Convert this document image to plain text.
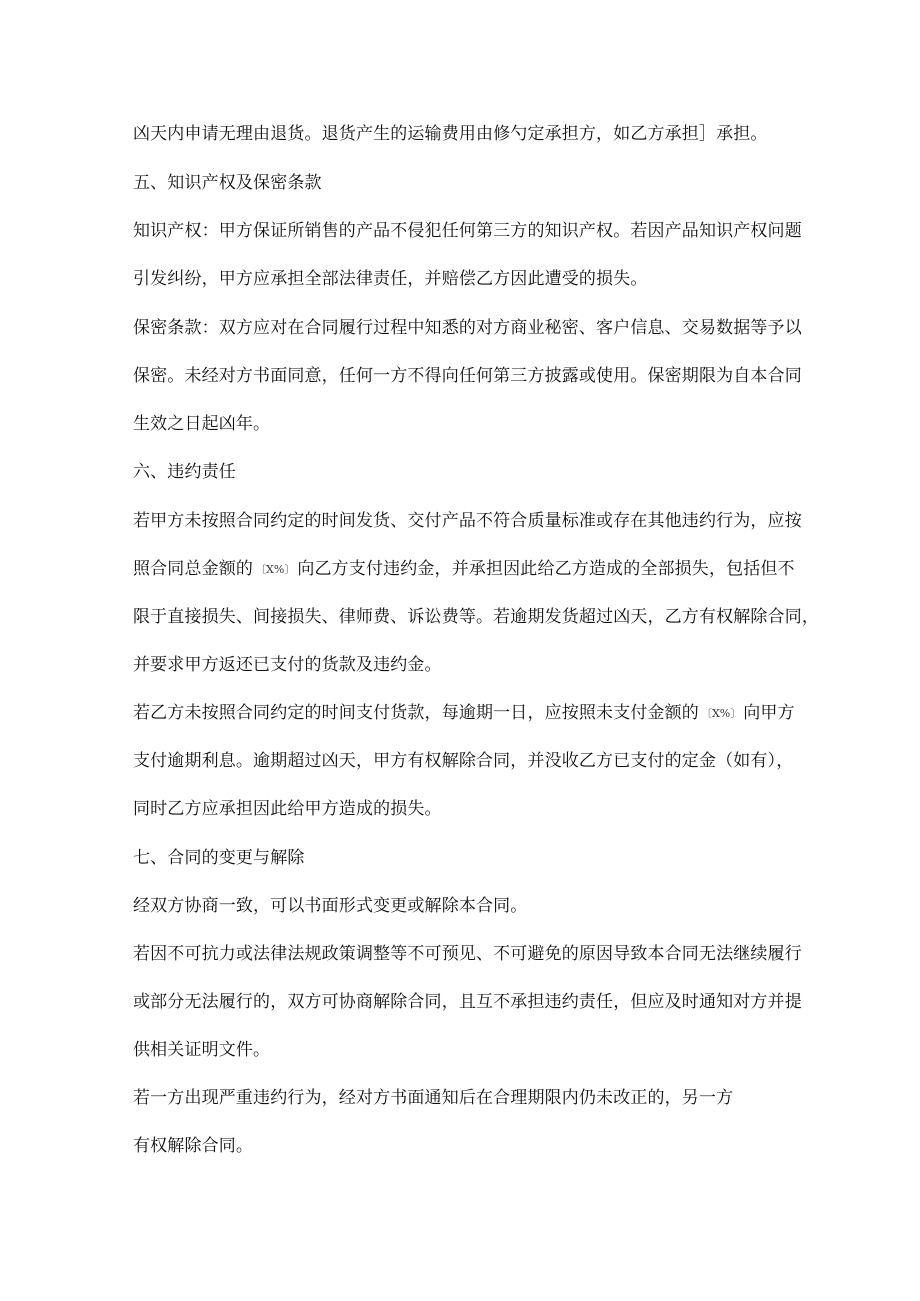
凶天内申请无理由退货。退货产生的运输费用由修勺定承担方，如乙方承担］承担。
五、知识产权及保密条款
知识产权：甲方保证所销售的产品不侵犯任何第三方的知识产权。若因产品知识产权问题
引发纠纷，甲方应承担全部法律责任，并赔偿乙方因此遭受的损失。
保密条款：双方应对在合同履行过程中知悉的对方商业秘密、客户信息、交易数据等予以
保密。未经对方书面同意，任何一方不得向任何第三方披露或使用。保密期限为自本合同
生效之日起凶年。
六、违约责任
若甲方未按照合同约定的时间发货、交付产品不符合质量标准或存在其他违约行为，应按
照合同总金额的 〔X%〕 向乙方支付违约金，并承担因此给乙方造成的全部损失，包括但不
限于直接损失、间接损失、律师费、诉讼费等。若逾期发货超过凶天，乙方有权解除合同，
并要求甲方返还已支付的货款及违约金。
若乙方未按照合同约定的时间支付货款，每逾期一日，应按照未支付金额的 〔X%〕 向甲方
支付逾期利息。逾期超过凶天，甲方有权解除合同，并没收乙方已支付的定金（如有），
同时乙方应承担因此给甲方造成的损失。
七、合同的变更与解除
经双方协商一致，可以书面形式变更或解除本合同。
若因不可抗力或法律法规政策调整等不可预见、不可避免的原因导致本合同无法继续履行
或部分无法履行的，双方可协商解除合同，且互不承担违约责任，但应及时通知对方并提
供相关证明文件。
若一方出现严重违约行为，经对方书面通知后在合理期限内仍未改正的，另一方
有权解除合同。
